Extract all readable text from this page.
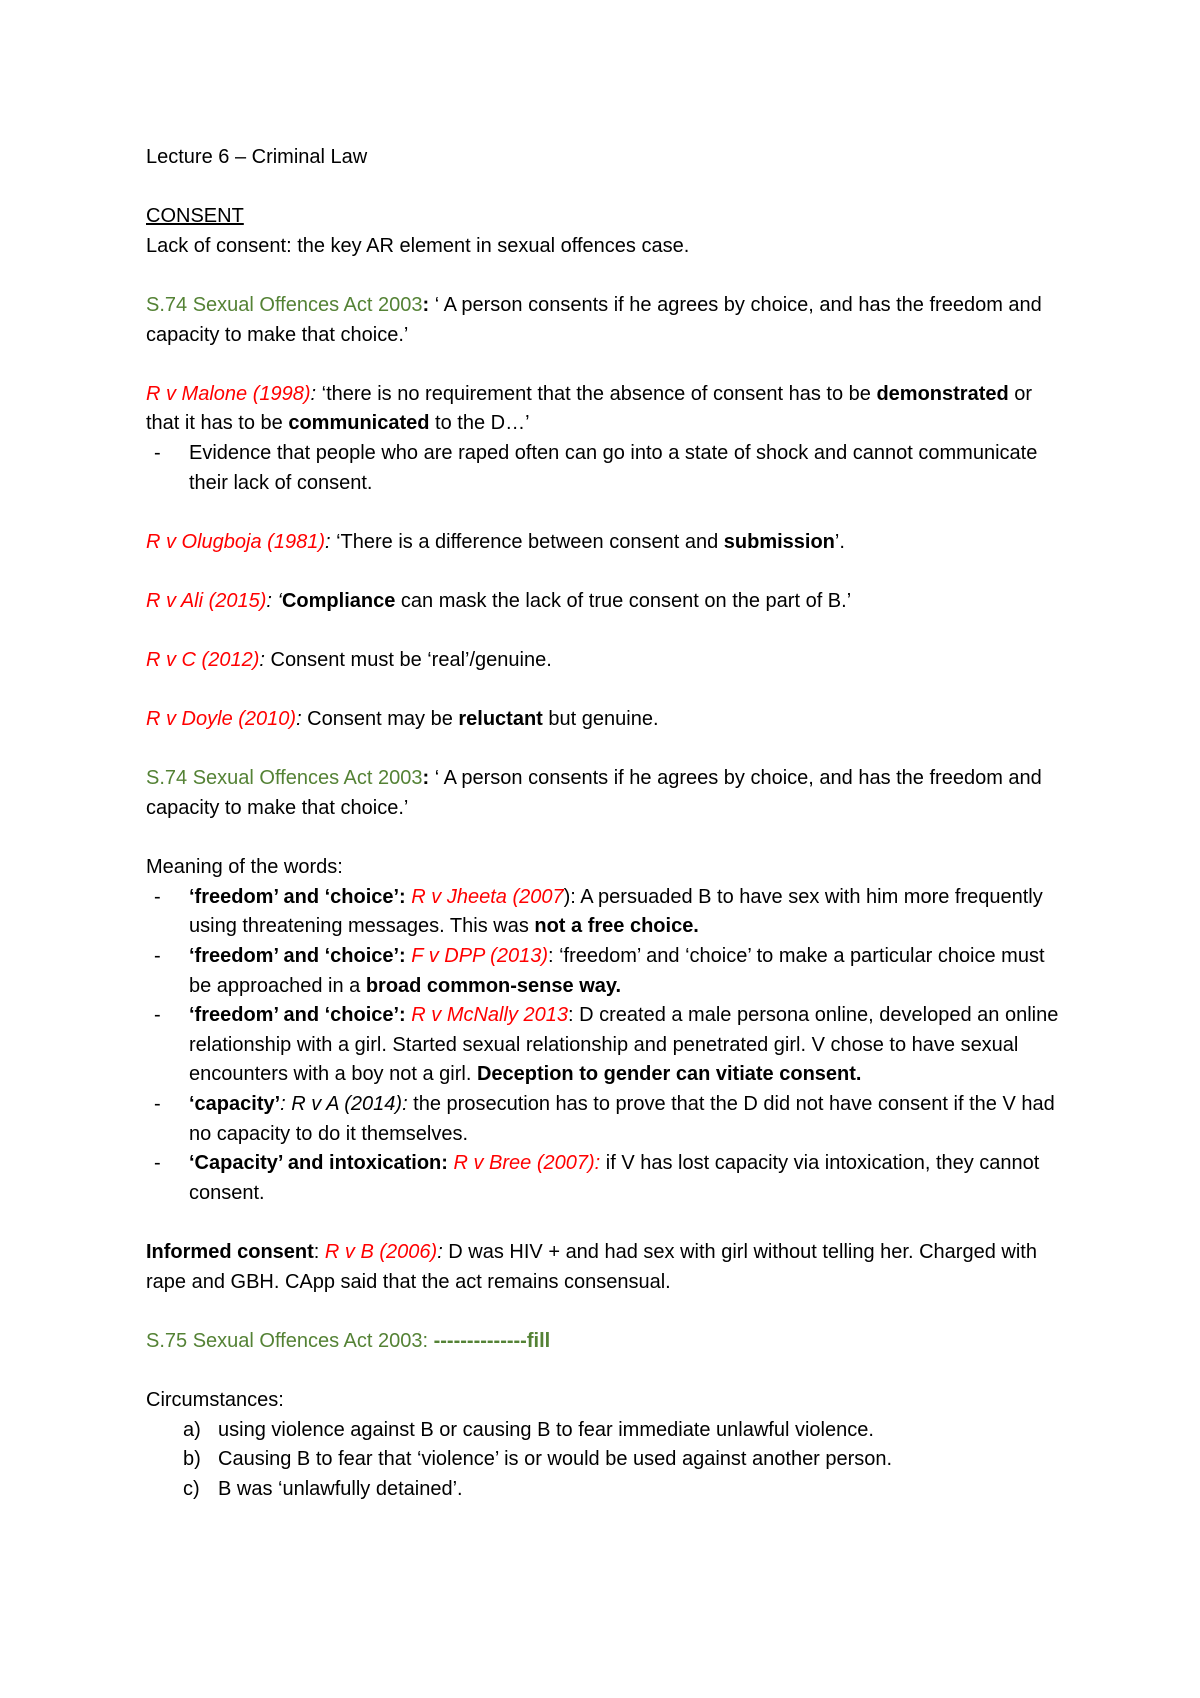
Lecture 6 – Criminal Law

CONSENT

Lack of consent: the key AR element in sexual offences case.

S.74 Sexual Offences Act 2003: ‘ A person consents if he agrees by choice, and has the freedom and capacity to make that choice.’

R v Malone (1998): ‘there is no requirement that the absence of consent has to be demonstrated or that it has to be communicated to the D…’

- Evidence that people who are raped often can go into a state of shock and cannot communicate their lack of consent.

R v Olugboja (1981): ‘There is a difference between consent and submission’.

R v Ali (2015): ‘Compliance can mask the lack of true consent on the part of B.’

R v C (2012): Consent must be ‘real’/genuine.

R v Doyle (2010): Consent may be reluctant but genuine.

S.74 Sexual Offences Act 2003: ‘ A person consents if he agrees by choice, and has the freedom and capacity to make that choice.’

Meaning of the words:

- ‘freedom’ and ‘choice’: R v Jheeta (2007): A persuaded B to have sex with him more frequently using threatening messages. This was not a free choice.
- ‘freedom’ and ‘choice’: F v DPP (2013): ‘freedom’ and ‘choice’ to make a particular choice must be approached in a broad common-sense way.
- ‘freedom’ and ‘choice’: R v McNally 2013: D created a male persona online, developed an online relationship with a girl. Started sexual relationship and penetrated girl. V chose to have sexual encounters with a boy not a girl. Deception to gender can vitiate consent.
- ‘capacity’: R v A (2014): the prosecution has to prove that the D did not have consent if the V had no capacity to do it themselves.
- ‘Capacity’ and intoxication: R v Bree (2007): if V has lost capacity via intoxication, they cannot consent.

Informed consent: R v B (2006): D was HIV + and had sex with girl without telling her. Charged with rape and GBH. CApp said that the act remains consensual.

S.75 Sexual Offences Act 2003: --------------fill

Circumstances:

a) using violence against B or causing B to fear immediate unlawful violence.
b) Causing B to fear that ‘violence’ is or would be used against another person.
c) B was ‘unlawfully detained’.
